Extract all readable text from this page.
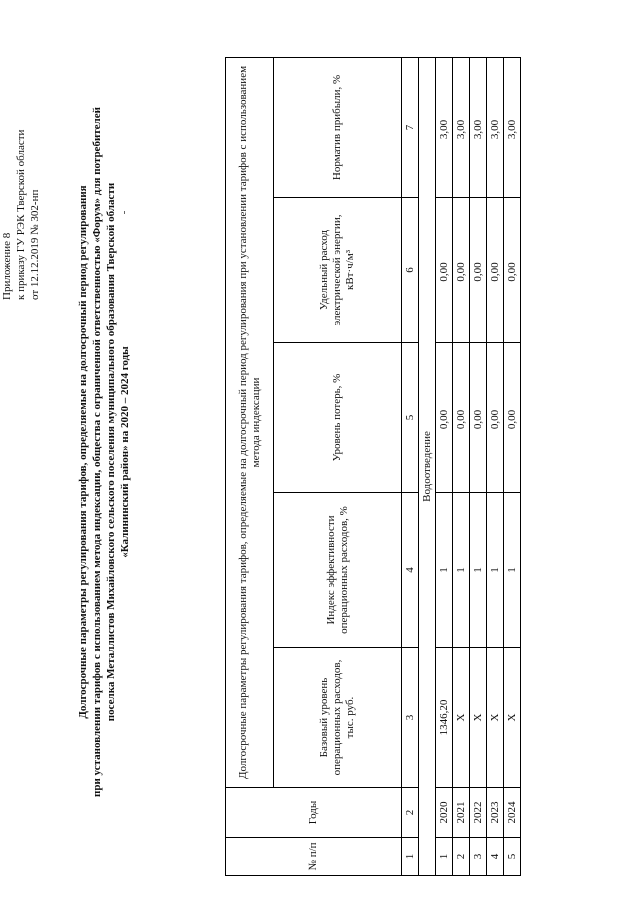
Приложение 8 к приказу ГУ РЭК Тверской области от 12.12.2019 № 302-нп	Долгосрочные параметры регулирования тарифов, определяемые на долгосрочный период регулирования при установлении тарифов с использованием метода индексации, общества с ограниченной ответственностью «Форум» для потребителей поселка Металлистов Михайловского сельского поселения муниципального образования Тверской области «Калининский район» на 2020 – 2024 годы
№ п/п	Годы	Долгосрочные параметры регулирования тарифов, определяемые на долгосрочный период регулирования при установлении тарифов с использованием метода индексации				
		Базовый уровень операционных расходов, тыс. руб.	Индекс эффективности операционных расходов, %	Уровень потерь, %	Удельный расход электрической энергии, кВт·ч/м³	Норматив прибыли, %
1	2	3	4	5	6	7
Водоотведение						
1	2020	1346,20	1	0,00	0,00	3,00
2	2021	Х	1	0,00	0,00	3,00
3	2022	Х	1	0,00	0,00	3,00
4	2023	Х	1	0,00	0,00	3,00
5	2024	Х	1	0,00	0,00	3,00
